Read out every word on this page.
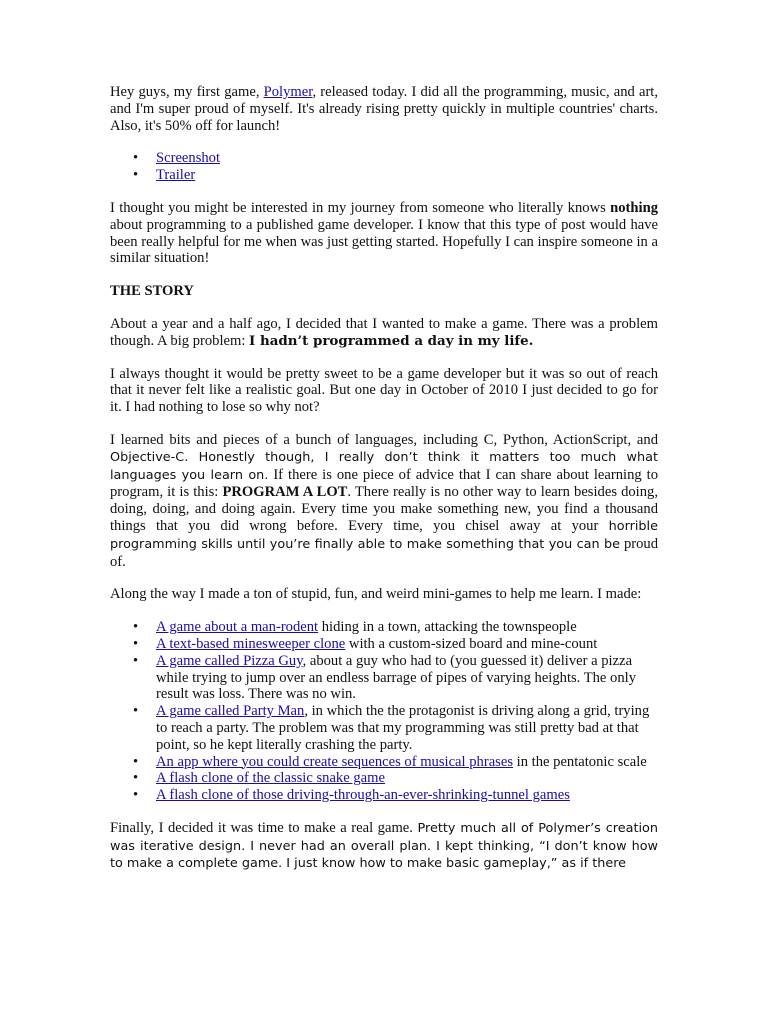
Hey guys, my first game, Polymer, released today. I did all the programming, music, and art, and I'm super proud of myself. It's already rising pretty quickly in multiple countries' charts. Also, it's 50% off for launch!

• Screenshot
• Trailer

I thought you might be interested in my journey from someone who literally knows nothing about programming to a published game developer. I know that this type of post would have been really helpful for me when was just getting started. Hopefully I can inspire someone in a similar situation!

THE STORY

About a year and a half ago, I decided that I wanted to make a game. There was a problem though. A big problem: I hadn’t programmed a day in my life.

I always thought it would be pretty sweet to be a game developer but it was so out of reach that it never felt like a realistic goal. But one day in October of 2010 I just decided to go for it. I had nothing to lose so why not?

I learned bits and pieces of a bunch of languages, including C, Python, ActionScript, and Objective-C. Honestly though, I really don’t think it matters too much what languages you learn on. If there is one piece of advice that I can share about learning to program, it is this: PROGRAM A LOT. There really is no other way to learn besides doing, doing, doing, and doing again. Every time you make something new, you find a thousand things that you did wrong before. Every time, you chisel away at your horrible programming skills until you’re finally able to make something that you can be proud of.

Along the way I made a ton of stupid, fun, and weird mini-games to help me learn. I made:

• A game about a man-rodent hiding in a town, attacking the townspeople
• A text-based minesweeper clone with a custom-sized board and mine-count
• A game called Pizza Guy, about a guy who had to (you guessed it) deliver a pizza while trying to jump over an endless barrage of pipes of varying heights. The only result was loss. There was no win.
• A game called Party Man, in which the the protagonist is driving along a grid, trying to reach a party. The problem was that my programming was still pretty bad at that point, so he kept literally crashing the party.
• An app where you could create sequences of musical phrases in the pentatonic scale
• A flash clone of the classic snake game
• A flash clone of those driving-through-an-ever-shrinking-tunnel games

Finally, I decided it was time to make a real game. Pretty much all of Polymer’s creation was iterative design. I never had an overall plan. I kept thinking, “I don’t know how to make a complete game. I just know how to make basic gameplay,” as if there
